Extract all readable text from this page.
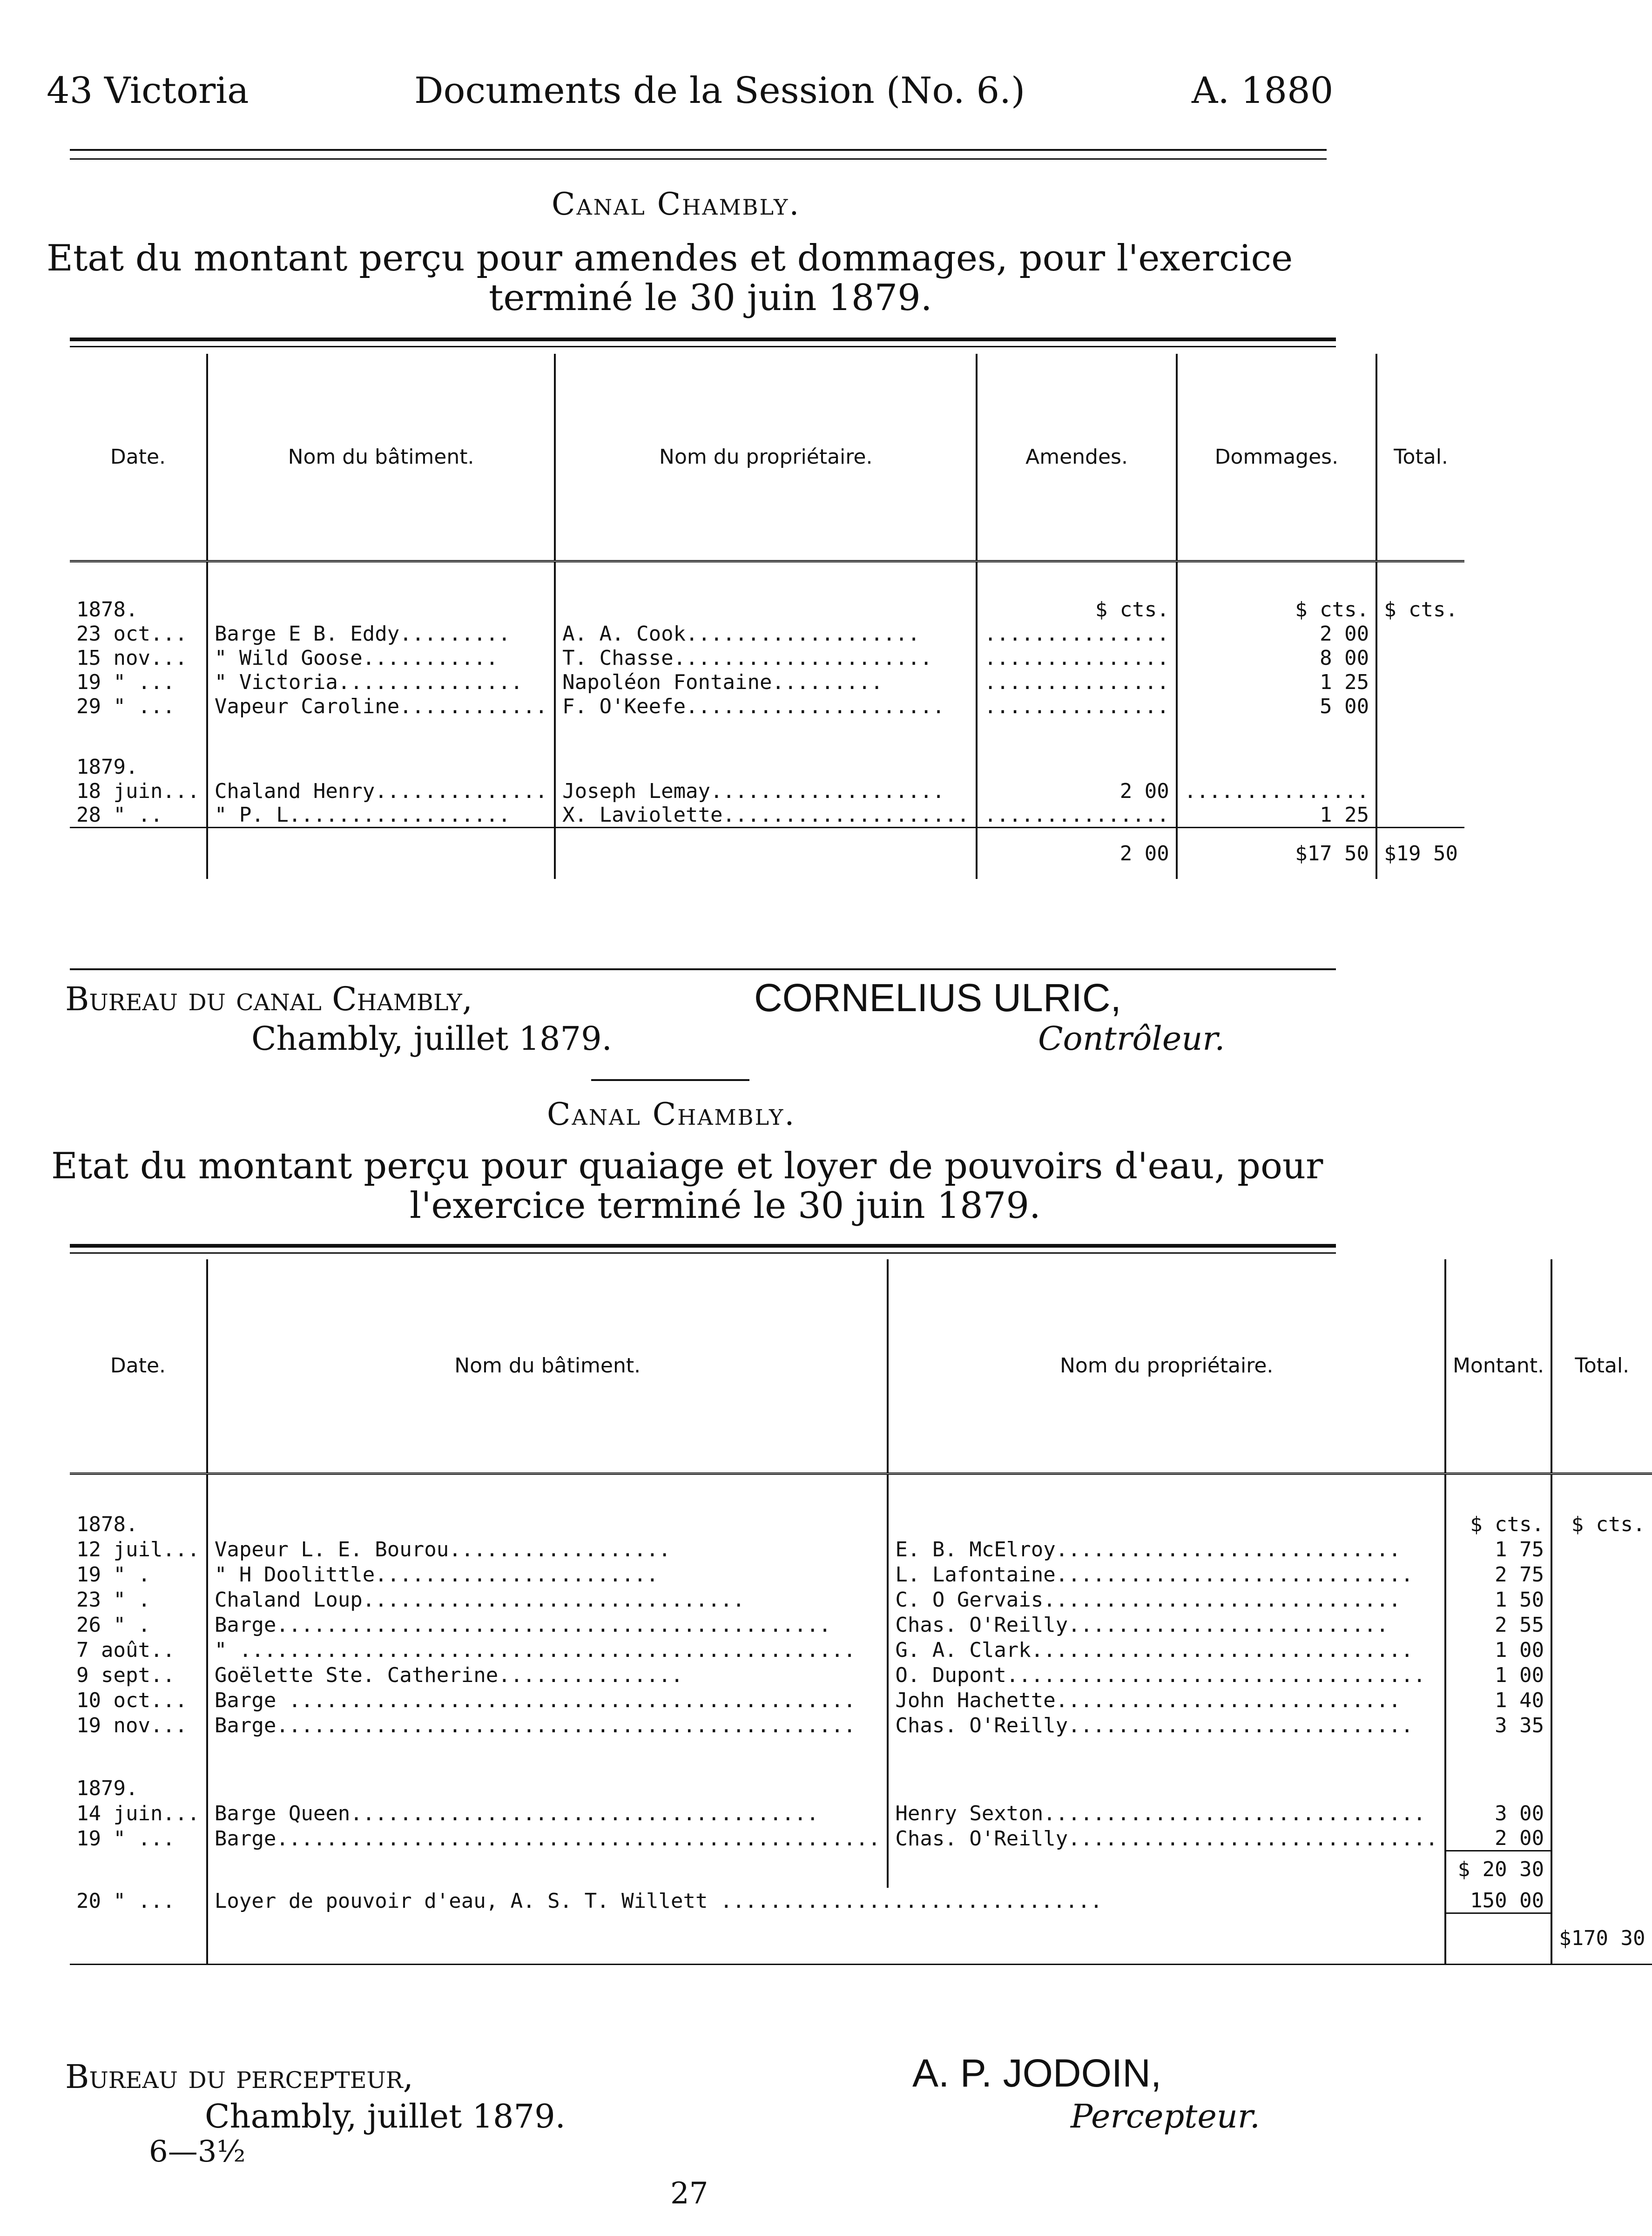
43 Victoria	Documents de la Session (No. 6.)	A. 1880
Canal Chambly.
Etat du montant perçu pour amendes et dommages, pour l'exercice
terminé le 30 juin 1879.
Date.	Nom du bâtiment.	Nom du propriétaire.	Amendes.	Dommages.	Total.
1878.			$ cts.	$ cts.	$ cts.
23 oct...	Barge E B. Eddy.........	A. A. Cook...................	...............	2 00	
15 nov...	" Wild Goose...........	T. Chasse.....................	...............	8 00	
19 " ...	" Victoria...............	Napoléon Fontaine.........	...............	1 25	
29 " ...	Vapeur Caroline............	F. O'Keefe.....................	...............	5 00	
1879.					
18 juin...	Chaland Henry..............	Joseph Lemay...................	2 00	...............	
28 " ..	" P. L..................	X. Laviolette....................	...............	1 25	
			2 00	$17 50	$19 50
Bureau du canal Chambly,
Chambly, juillet 1879.
CORNELIUS ULRIC,
Contrôleur.
Canal Chambly.
Etat du montant perçu pour quaiage et loyer de pouvoirs d'eau, pour
l'exercice terminé le 30 juin 1879.
Date.	Nom du bâtiment.	Nom du propriétaire.	Montant.	Total.
1878.			$ cts.	$ cts.
12 juil...	Vapeur L. E. Bourou..................	E. B. McElroy............................	1 75	
19 " .	" H Doolittle.......................	L. Lafontaine.............................	2 75	
23 " .	Chaland Loup...............................	C. O Gervais.............................	1 50	
26 " .	Barge.............................................	Chas. O'Reilly..........................	2 55	
7 août..	" ..................................................	G. A. Clark...............................	1 00	
9 sept..	Goëlette Ste. Catherine...............	O. Dupont..................................	1 00	
10 oct...	Barge ..............................................	John Hachette............................	1 40	
19 nov...	Barge...............................................	Chas. O'Reilly............................	3 35	
1879.				
14 juin...	Barge Queen......................................	Henry Sexton...............................	3 00	
19 " ...	Barge.................................................	Chas. O'Reilly..............................	2 00	
			$ 20 30	
20 " ...	Loyer de pouvoir d'eau, A. S. T. Willett ...............................		150 00	
				$170 30
Bureau du percepteur,
Chambly, juillet 1879.
A. P. JODOIN,
Percepteur.
6—3½
27
